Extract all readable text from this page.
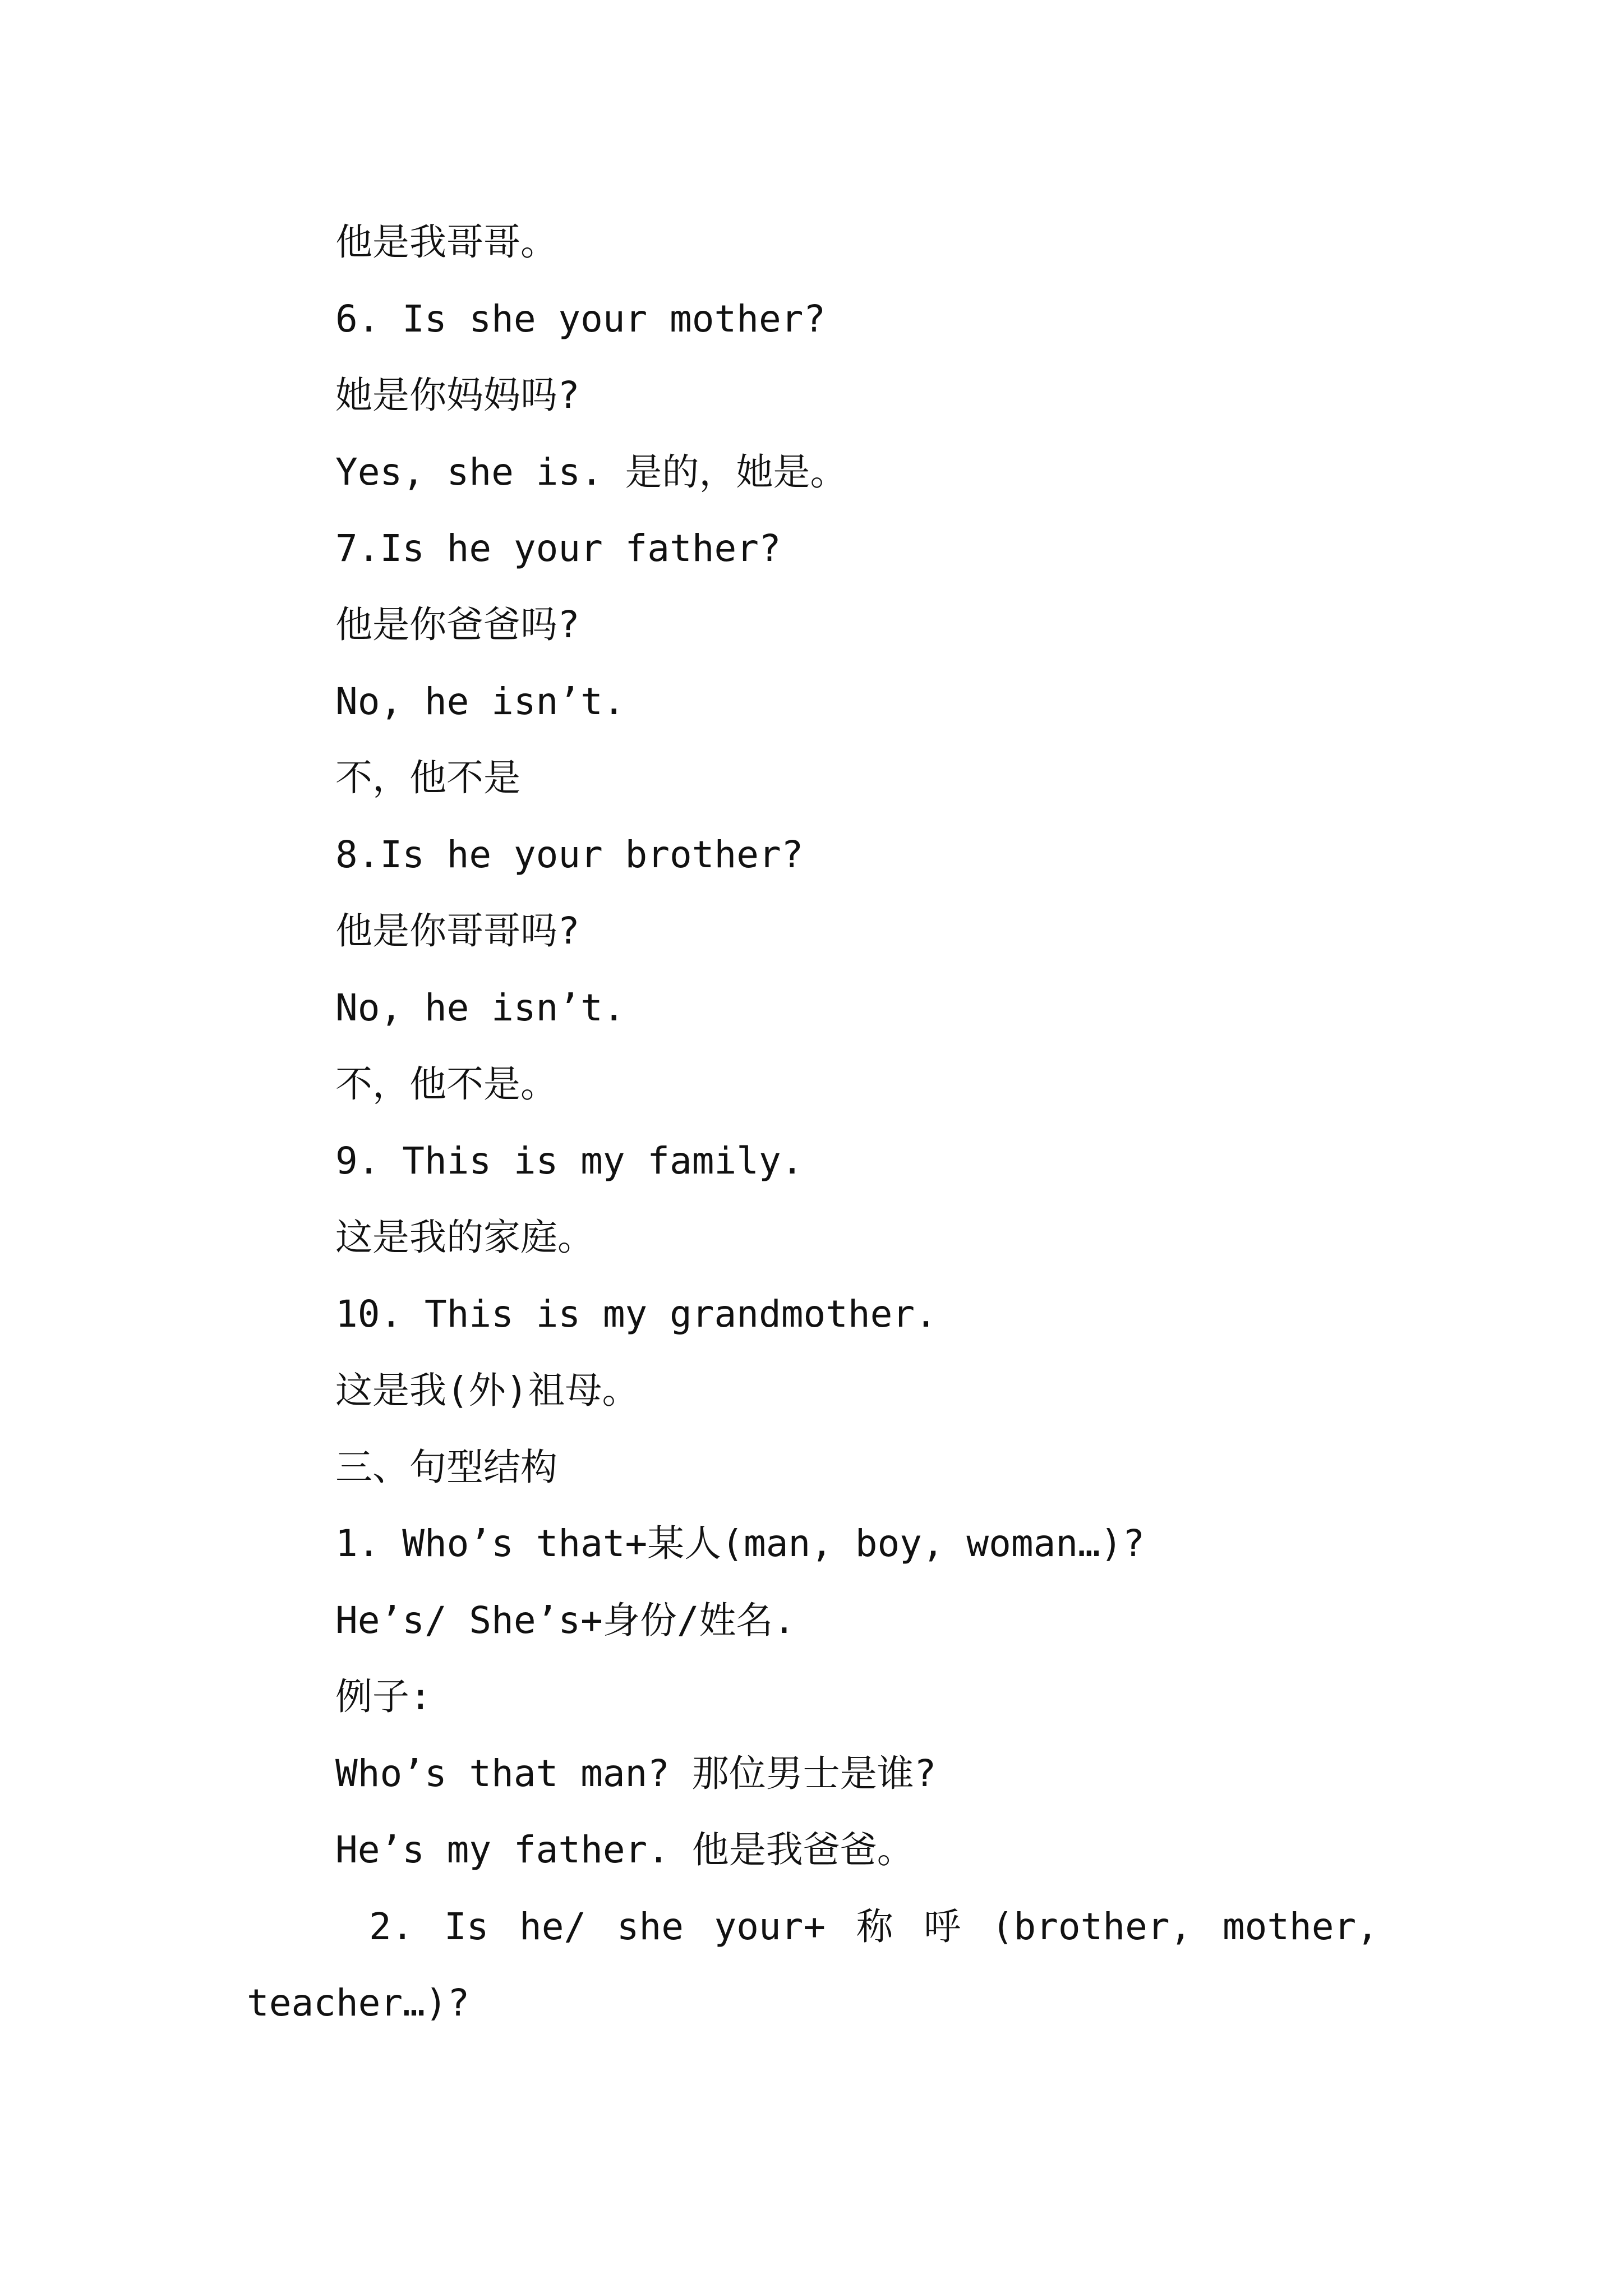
他是我哥哥。
6. Is she your mother?
她是你妈妈吗?
Yes, she is. 是的，她是。
7.Is he your father?
他是你爸爸吗?
No, he isn’t.
不，他不是
8.Is he your brother?
他是你哥哥吗?
No, he isn’t.
不，他不是。
9. This is my family.
这是我的家庭。
10. This is my grandmother.
这是我(外)祖母。
三、句型结构
1. Who’s that+某人(man, boy, woman…)?
He’s/ She’s+身份/姓名.
例子:
Who’s that man? 那位男士是谁?
He’s my father. 他是我爸爸。
2. Is he/ she your+ 称 呼 (brother, mother,
teacher…)?
